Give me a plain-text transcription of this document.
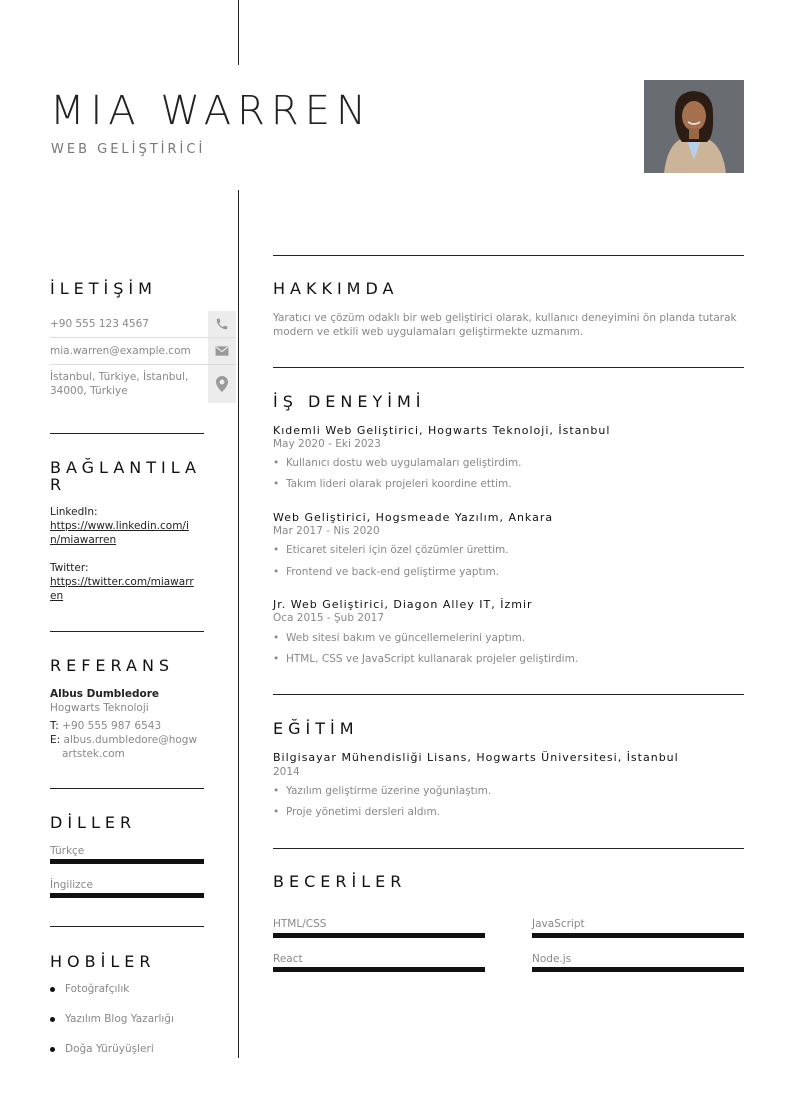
MIA WARREN
WEB GELİŞTİRİCİ
İLETİŞİM
+90 555 123 4567
mia.warren@example.com
İstanbul, Türkiye, İstanbul,
34000, Türkiye
BAĞLANTILA
R
LinkedIn:
https://www.linkedin.com/i
n/miawarren
Twitter:
https://twitter.com/miawarr
en
REFERANS
Albus Dumbledore
Hogwarts Teknoloji
T: +90 555 987 6543
E: albus.dumbledore@hogw
artstek.com
DİLLER
Türkçe
İngilizce
HOBİLER
Fotoğrafçılık
Yazılım Blog Yazarlığı
Doğa Yürüyüşleri
HAKKIMDA
Yaratıcı ve çözüm odaklı bir web geliştirici olarak, kullanıcı deneyimini ön planda tutarak
modern ve etkili web uygulamaları geliştirmekte uzmanım.
İŞ DENEYİMİ
Kıdemli Web Geliştirici, Hogwarts Teknoloji, İstanbul
May 2020 - Eki 2023
• Kullanıcı dostu web uygulamaları geliştirdim.
• Takım lideri olarak projeleri koordine ettim.
Web Geliştirici, Hogsmeade Yazılım, Ankara
Mar 2017 - Nis 2020
• Eticaret siteleri için özel çözümler ürettim.
• Frontend ve back-end geliştirme yaptım.
Jr. Web Geliştirici, Diagon Alley IT, İzmir
Oca 2015 - Şub 2017
• Web sitesi bakım ve güncellemelerini yaptım.
• HTML, CSS ve JavaScript kullanarak projeler geliştirdim.
EĞİTİM
Bilgisayar Mühendisliği Lisans, Hogwarts Üniversitesi, İstanbul
2014
• Yazılım geliştirme üzerine yoğunlaştım.
• Proje yönetimi dersleri aldım.
BECERİLER
HTML/CSS	JavaScript
React	Node.js
